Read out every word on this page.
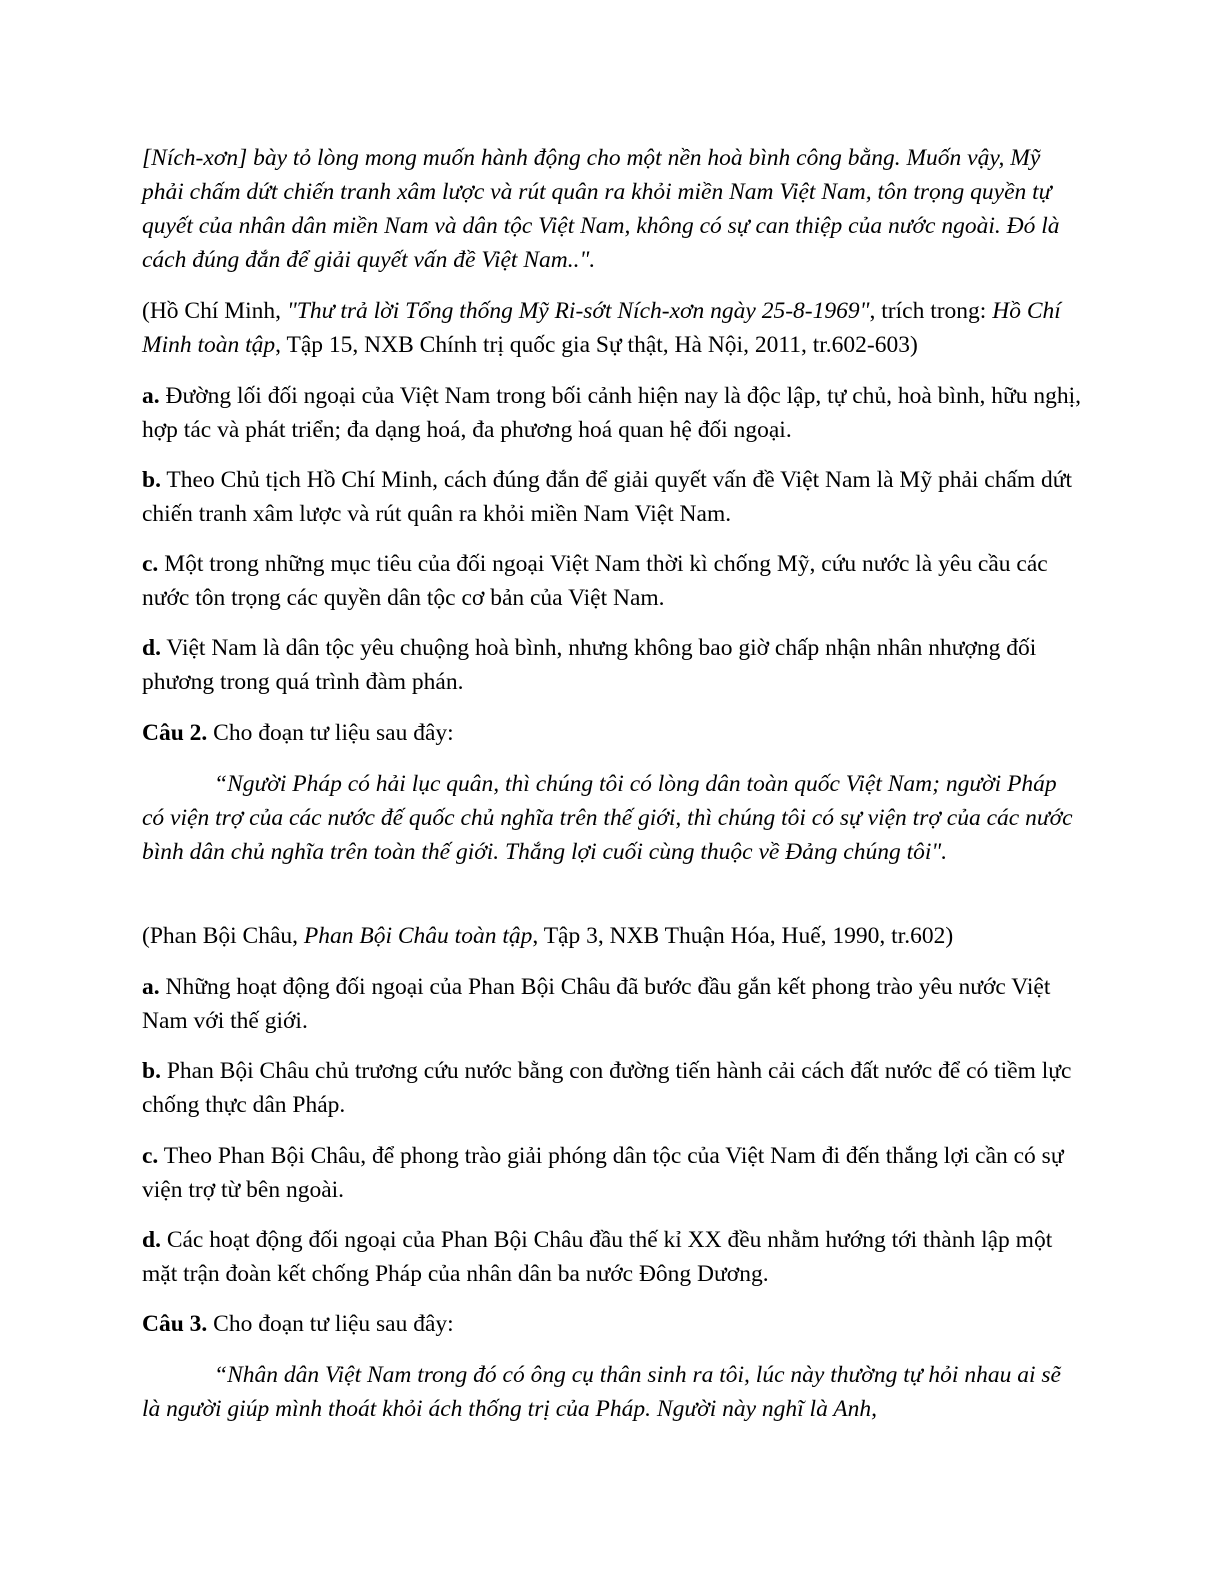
[Ních-xơn] bày tỏ lòng mong muốn hành động cho một nền hoà bình công bằng. Muốn vậy, Mỹ phải chấm dứt chiến tranh xâm lược và rút quân ra khỏi miền Nam Việt Nam, tôn trọng quyền tự quyết của nhân dân miền Nam và dân tộc Việt Nam, không có sự can thiệp của nước ngoài. Đó là cách đúng đắn để giải quyết vấn đề Việt Nam..".

(Hồ Chí Minh, "Thư trả lời Tổng thống Mỹ Ri-sớt Ních-xơn ngày 25-8-1969", trích trong: Hồ Chí Minh toàn tập, Tập 15, NXB Chính trị quốc gia Sự thật, Hà Nội, 2011, tr.602-603)

a. Đường lối đối ngoại của Việt Nam trong bối cảnh hiện nay là độc lập, tự chủ, hoà bình, hữu nghị, hợp tác và phát triển; đa dạng hoá, đa phương hoá quan hệ đối ngoại.

b. Theo Chủ tịch Hồ Chí Minh, cách đúng đắn để giải quyết vấn đề Việt Nam là Mỹ phải chấm dứt chiến tranh xâm lược và rút quân ra khỏi miền Nam Việt Nam.

c. Một trong những mục tiêu của đối ngoại Việt Nam thời kì chống Mỹ, cứu nước là yêu cầu các nước tôn trọng các quyền dân tộc cơ bản của Việt Nam.

d. Việt Nam là dân tộc yêu chuộng hoà bình, nhưng không bao giờ chấp nhận nhân nhượng đối phương trong quá trình đàm phán.

Câu 2. Cho đoạn tư liệu sau đây:

“Người Pháp có hải lục quân, thì chúng tôi có lòng dân toàn quốc Việt Nam; người Pháp có viện trợ của các nước đế quốc chủ nghĩa trên thế giới, thì chúng tôi có sự viện trợ của các nước bình dân chủ nghĩa trên toàn thế giới. Thắng lợi cuối cùng thuộc về Đảng chúng tôi".

(Phan Bội Châu, Phan Bội Châu toàn tập, Tập 3, NXB Thuận Hóa, Huế, 1990, tr.602)

a. Những hoạt động đối ngoại của Phan Bội Châu đã bước đầu gắn kết phong trào yêu nước Việt Nam với thế giới.

b. Phan Bội Châu chủ trương cứu nước bằng con đường tiến hành cải cách đất nước để có tiềm lực chống thực dân Pháp.

c. Theo Phan Bội Châu, để phong trào giải phóng dân tộc của Việt Nam đi đến thắng lợi cần có sự viện trợ từ bên ngoài.

d. Các hoạt động đối ngoại của Phan Bội Châu đầu thế kỉ XX đều nhằm hướng tới thành lập một mặt trận đoàn kết chống Pháp của nhân dân ba nước Đông Dương.

Câu 3. Cho đoạn tư liệu sau đây:

“Nhân dân Việt Nam trong đó có ông cụ thân sinh ra tôi, lúc này thường tự hỏi nhau ai sẽ là người giúp mình thoát khỏi ách thống trị của Pháp. Người này nghĩ là Anh,
